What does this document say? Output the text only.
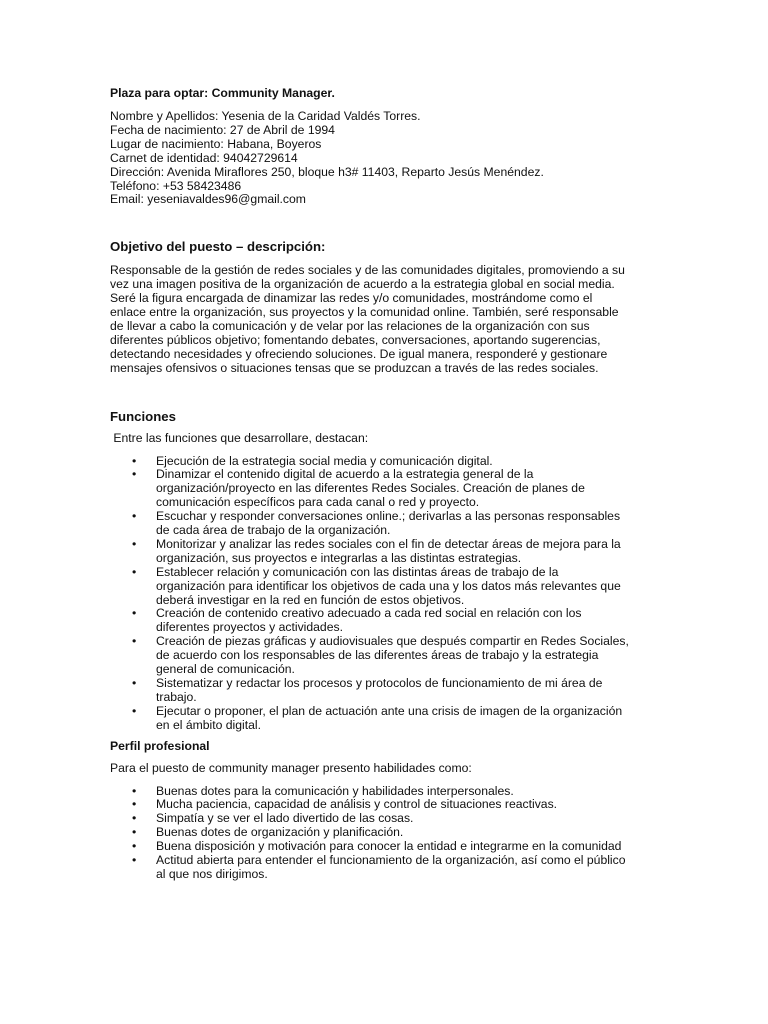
Plaza para optar: Community Manager.
Nombre y Apellidos: Yesenia de la Caridad Valdés Torres.
Fecha de nacimiento: 27 de Abril de 1994
Lugar de nacimiento: Habana, Boyeros
Carnet de identidad: 94042729614
Dirección: Avenida Miraflores 250, bloque h3# 11403, Reparto Jesús Menéndez.
Teléfono: +53 58423486
Email: yeseniavaldes96@gmail.com
Objetivo del puesto – descripción:
Responsable de la gestión de redes sociales y de las comunidades digitales, promoviendo a su
vez una imagen positiva de la organización de acuerdo a la estrategia global en social media.
Seré la figura encargada de dinamizar las redes y/o comunidades, mostrándome como el
enlace entre la organización, sus proyectos y la comunidad online. También, seré responsable
de llevar a cabo la comunicación y de velar por las relaciones de la organización con sus
diferentes públicos objetivo; fomentando debates, conversaciones, aportando sugerencias,
detectando necesidades y ofreciendo soluciones. De igual manera, responderé y gestionare
mensajes ofensivos o situaciones tensas que se produzcan a través de las redes sociales.
Funciones
Entre las funciones que desarrollare, destacan:
•	Ejecución de la estrategia social media y comunicación digital.
•	Dinamizar el contenido digital de acuerdo a la estrategia general de la
organización/proyecto en las diferentes Redes Sociales. Creación de planes de
comunicación específicos para cada canal o red y proyecto.
•	Escuchar y responder conversaciones online.; derivarlas a las personas responsables
de cada área de trabajo de la organización.
•	Monitorizar y analizar las redes sociales con el fin de detectar áreas de mejora para la
organización, sus proyectos e integrarlas a las distintas estrategias.
•	Establecer relación y comunicación con las distintas áreas de trabajo de la
organización para identificar los objetivos de cada una y los datos más relevantes que
deberá investigar en la red en función de estos objetivos.
•	Creación de contenido creativo adecuado a cada red social en relación con los
diferentes proyectos y actividades.
•	Creación de piezas gráficas y audiovisuales que después compartir en Redes Sociales,
de acuerdo con los responsables de las diferentes áreas de trabajo y la estrategia
general de comunicación.
•	Sistematizar y redactar los procesos y protocolos de funcionamiento de mi área de
trabajo.
•	Ejecutar o proponer, el plan de actuación ante una crisis de imagen de la organización
en el ámbito digital.
Perfil profesional
Para el puesto de community manager presento habilidades como:
•	Buenas dotes para la comunicación y habilidades interpersonales.
•	Mucha paciencia, capacidad de análisis y control de situaciones reactivas.
•	Simpatía y se ver el lado divertido de las cosas.
•	Buenas dotes de organización y planificación.
•	Buena disposición y motivación para conocer la entidad e integrarme en la comunidad
•	Actitud abierta para entender el funcionamiento de la organización, así como el público
al que nos dirigimos.
